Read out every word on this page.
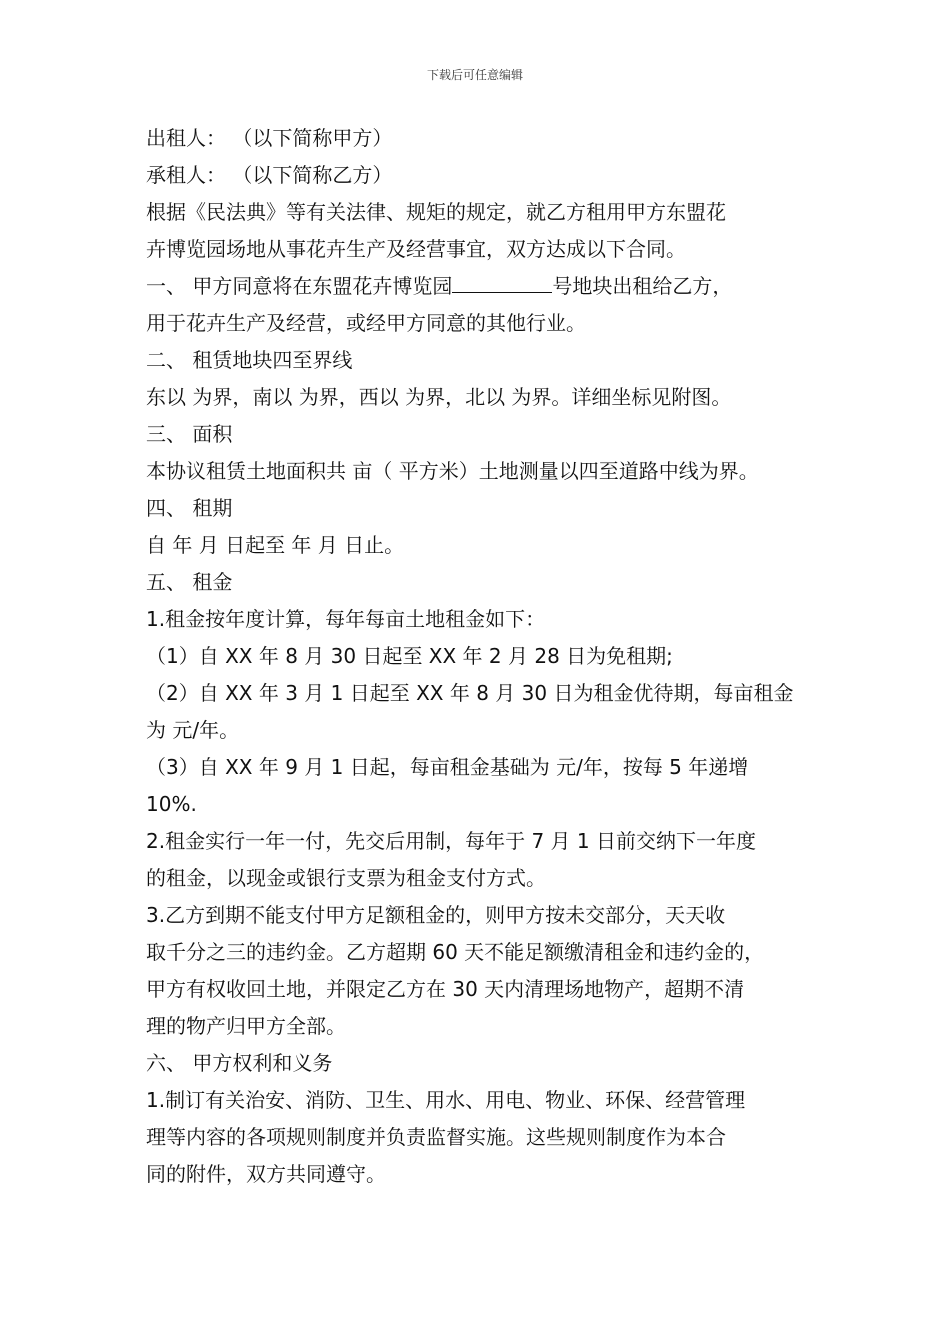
下载后可任意编辑
出租人： （以下简称甲方）
承租人： （以下简称乙方）
根据《民法典》等有关法律、规矩的规定，就乙方租用甲方东盟花
卉博览园场地从事花卉生产及经营事宜，双方达成以下合同。
一、 甲方同意将在东盟花卉博览园	号地块出租给乙方，
用于花卉生产及经营，或经甲方同意的其他行业。
二、 租赁地块四至界线
东以 为界，南以 为界，西以 为界，北以 为界。详细坐标见附图。
三、 面积
本协议租赁土地面积共 亩（ 平方米）土地测量以四至道路中线为界。
四、 租期
自 年 月 日起至 年 月 日止。
五、 租金
1.租金按年度计算，每年每亩土地租金如下：
（1）自 XX 年 8 月 30 日起至 XX 年 2 月 28 日为免租期;
（2）自 XX 年 3 月 1 日起至 XX 年 8 月 30 日为租金优待期，每亩租金
为 元/年。
（3）自 XX 年 9 月 1 日起，每亩租金基础为 元/年，按每 5 年递增
10%.
2.租金实行一年一付，先交后用制，每年于 7 月 1 日前交纳下一年度
的租金，以现金或银行支票为租金支付方式。
3.乙方到期不能支付甲方足额租金的，则甲方按未交部分，天天收
取千分之三的违约金。乙方超期 60 天不能足额缴清租金和违约金的，
甲方有权收回土地，并限定乙方在 30 天内清理场地物产，超期不清
理的物产归甲方全部。
六、 甲方权利和义务
1.制订有关治安、消防、卫生、用水、用电、物业、环保、经营管理
理等内容的各项规则制度并负责监督实施。这些规则制度作为本合
同的附件，双方共同遵守。
